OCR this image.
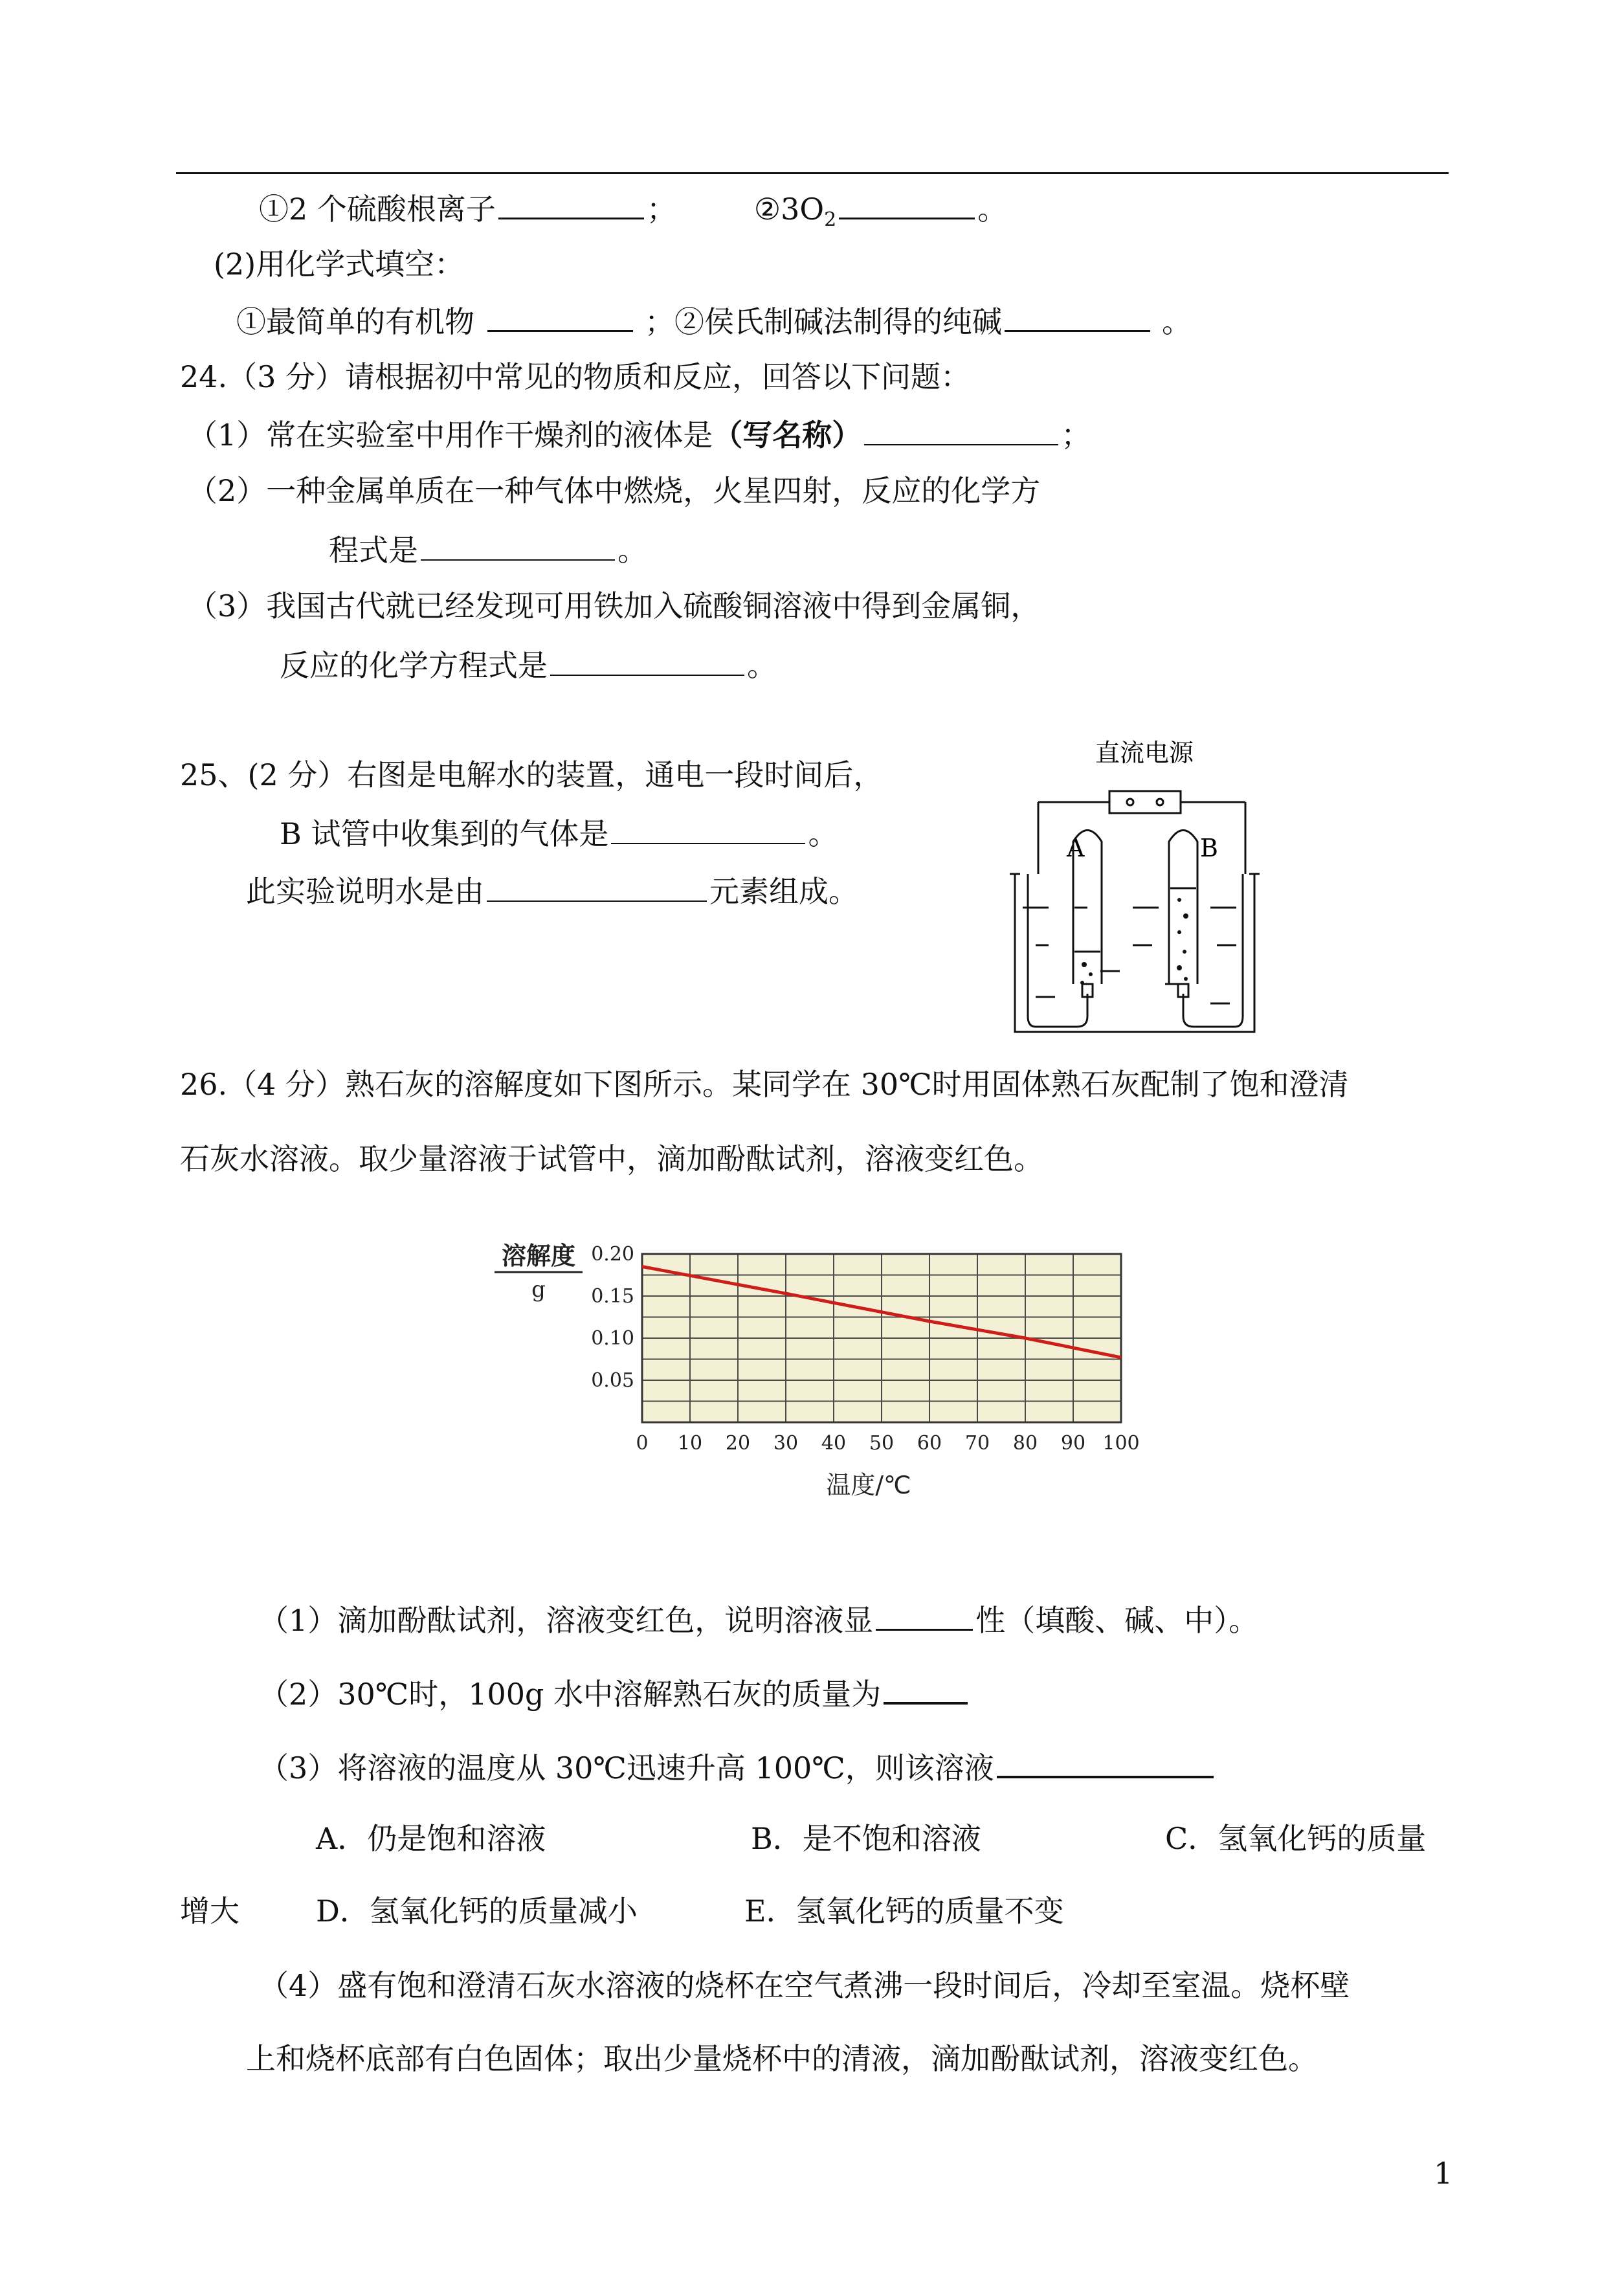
①2 个硫酸根离子	；	$②3O_2$	。
(2)用化学式填空：
①最简单的有机物	；②侯氏制碱法制得的纯碱	。
24.（3 分）请根据初中常见的物质和反应，回答以下问题：
（1）常在实验室中用作干燥剂的液体是（写名称）	；
（2）一种金属单质在一种气体中燃烧，火星四射，反应的化学方
程式是	。
（3）我国古代就已经发现可用铁加入硫酸铜溶液中得到金属铜，
反应的化学方程式是	。
25、(2 分）右图是电解水的装置，通电一段时间后，
B 试管中收集到的气体是	。
此实验说明水是由	元素组成。
直流电源
A	B
26.（4 分）熟石灰的溶解度如下图所示。某同学在 30℃时用固体熟石灰配制了饱和澄清
石灰水溶液。取少量溶液于试管中，滴加酚酞试剂，溶液变红色。
0 10 20 30 40 50 60 70 80 90 100
0.05
0.10
0.15
0.20
溶解度
g
温度/℃
（1）滴加酚酞试剂，溶液变红色，说明溶液显	性（填酸、碱、中）。
（2）30℃时，100g 水中溶解熟石灰的质量为
（3）将溶液的温度从 30℃迅速升高 100℃，则该溶液
A．仍是饱和溶液	B．是不饱和溶液	C．氢氧化钙的质量
增大	D．氢氧化钙的质量减小	E．氢氧化钙的质量不变
（4）盛有饱和澄清石灰水溶液的烧杯在空气煮沸一段时间后，冷却至室温。烧杯壁
上和烧杯底部有白色固体；取出少量烧杯中的清液，滴加酚酞试剂，溶液变红色。
1
